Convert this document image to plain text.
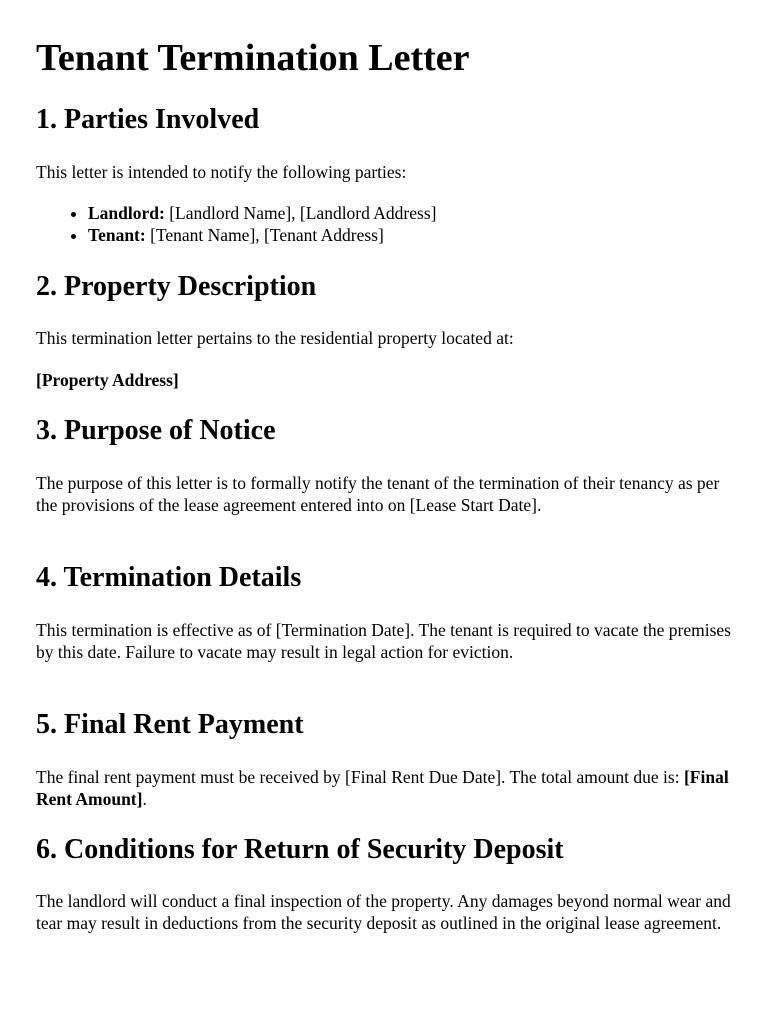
Tenant Termination Letter
1. Parties Involved

This letter is intended to notify the following parties:

• Landlord: [Landlord Name], [Landlord Address]
• Tenant: [Tenant Name], [Tenant Address]
2. Property Description

This termination letter pertains to the residential property located at:

[Property Address]

3. Purpose of Notice

The purpose of this letter is to formally notify the tenant of the termination of their tenancy as per the provisions of the lease agreement entered into on [Lease Start Date].

4. Termination Details

This termination is effective as of [Termination Date]. The tenant is required to vacate the premises by this date. Failure to vacate may result in legal action for eviction.

5. Final Rent Payment

The final rent payment must be received by [Final Rent Due Date]. The total amount due is: [Final Rent Amount].

6. Conditions for Return of Security Deposit

The landlord will conduct a final inspection of the property. Any damages beyond normal wear and tear may result in deductions from the security deposit as outlined in the original lease agreement.
